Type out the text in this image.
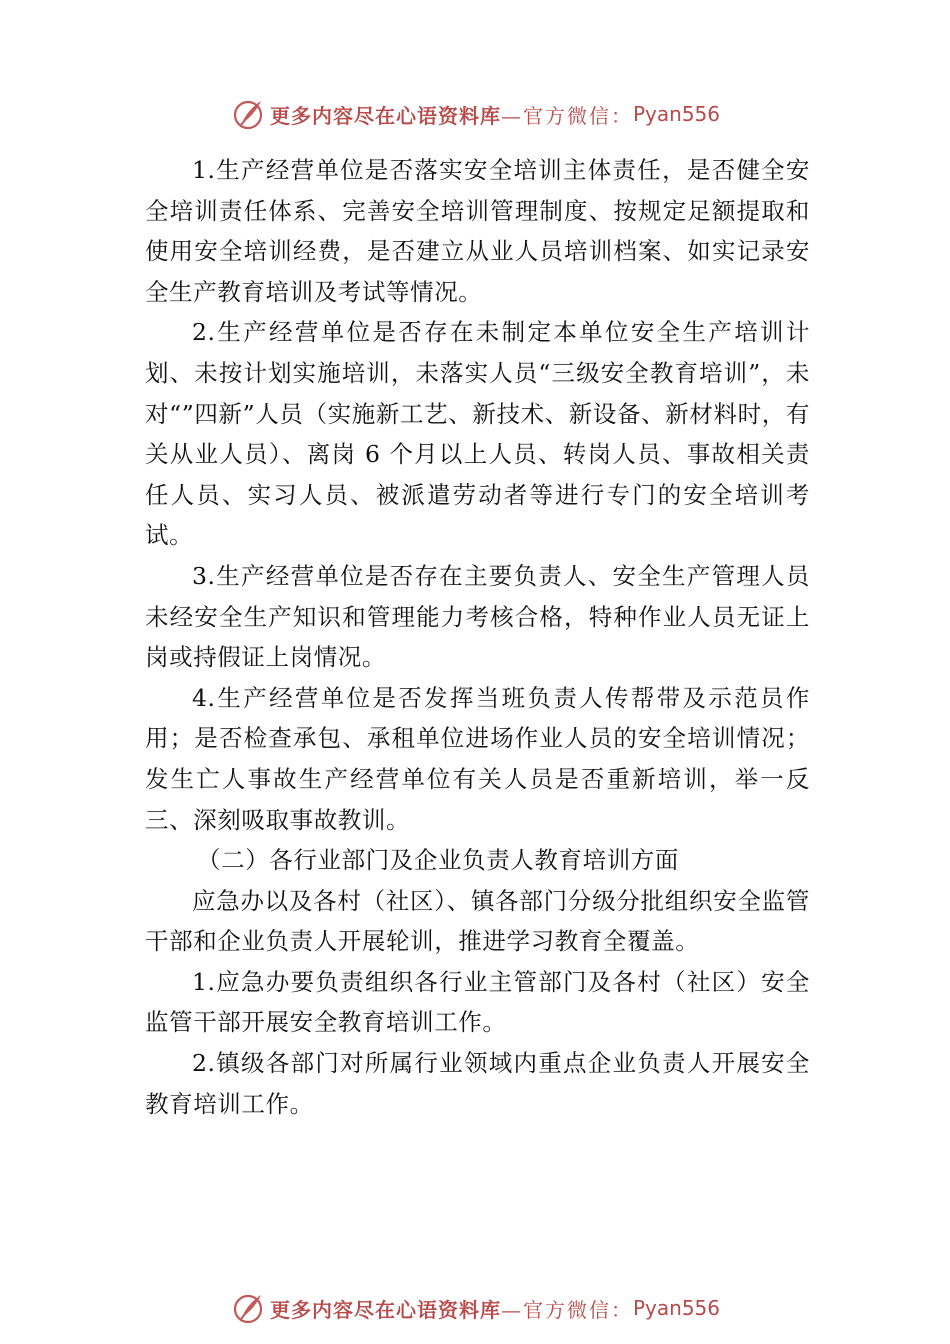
更多内容尽在心语资料库 —官方微信： Pyan556

1.生产经营单位是否落实安全培训主体责任，是否健全安全培训责任体系、完善安全培训管理制度、按规定足额提取和使用安全培训经费，是否建立从业人员培训档案、如实记录安全生产教育培训及考试等情况。

2.生产经营单位是否存在未制定本单位安全生产培训计划、未按计划实施培训，未落实人员“三级安全教育培训”，未对“”四新”人员（实施新工艺、新技术、新设备、新材料时，有关从业人员）、离岗 6 个月以上人员、转岗人员、事故相关责任人员、实习人员、被派遣劳动者等进行专门的安全培训考试。

3.生产经营单位是否存在主要负责人、安全生产管理人员未经安全生产知识和管理能力考核合格，特种作业人员无证上岗或持假证上岗情况。

4.生产经营单位是否发挥当班负责人传帮带及示范员作用；是否检查承包、承租单位进场作业人员的安全培训情况；发生亡人事故生产经营单位有关人员是否重新培训，举一反三、深刻吸取事故教训。

（二）各行业部门及企业负责人教育培训方面

应急办以及各村（社区）、镇各部门分级分批组织安全监管干部和企业负责人开展轮训，推进学习教育全覆盖。

1.应急办要负责组织各行业主管部门及各村（社区）安全监管干部开展安全教育培训工作。

2.镇级各部门对所属行业领域内重点企业负责人开展安全教育培训工作。

更多内容尽在心语资料库 —官方微信： Pyan556
